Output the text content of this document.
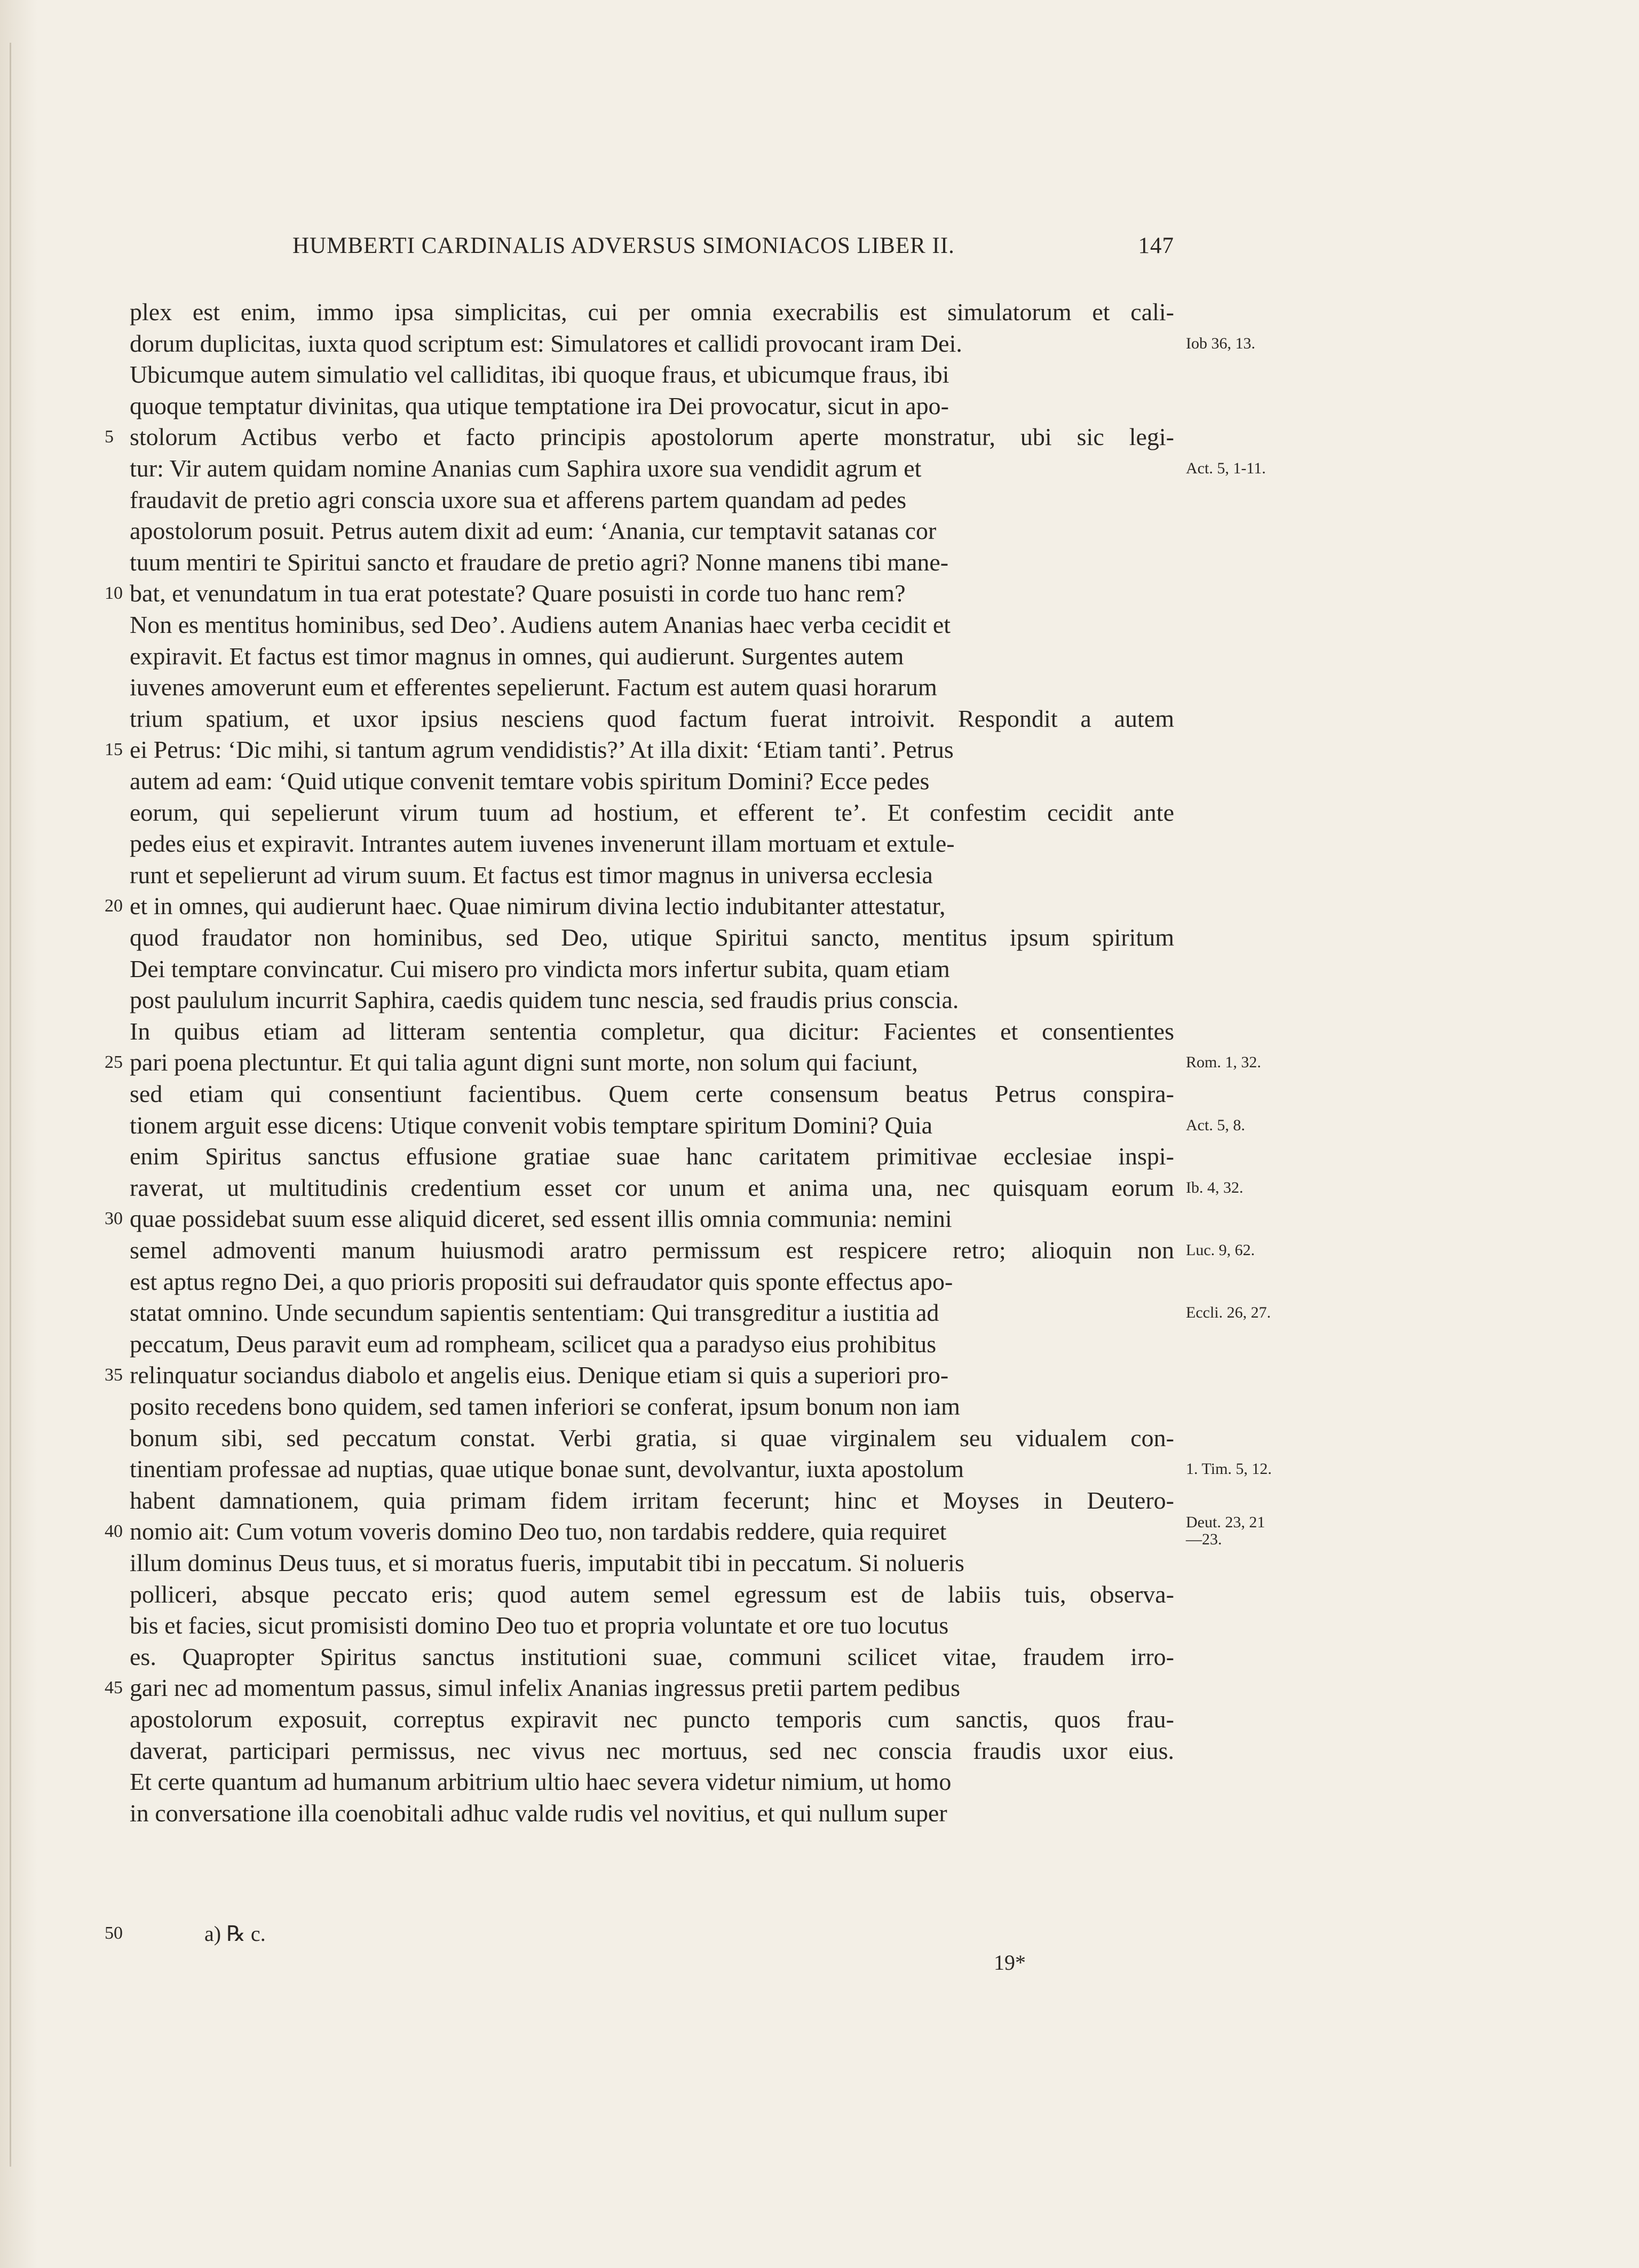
HUMBERTI CARDINALIS ADVERSUS SIMONIACOS LIBER II.	147
plex est enim, immo ipsa simplicitas, cui per omnia execrabilis est simulatorum et cali-
dorum duplicitas, iuxta quod scriptum est: Simulatores et callidi provocant iram Dei.	Iob 36, 13.
Ubicumque autem simulatio vel calliditas, ibi quoque fraus, et ubicumque fraus, ibi
quoque temptatur divinitas, qua utique temptatione ira Dei provocatur, sicut in apo-
stolorum Actibus verbo et facto principis apostolorum aperte monstratur, ubi sic legi-
5
tur: Vir autem quidam nomine Ananias cum Saphira uxore sua vendidit agrum et	Act. 5, 1-11.
fraudavit de pretio agri conscia uxore sua et afferens partem quandam ad pedes
apostolorum posuit. Petrus autem dixit ad eum: ‘Anania, cur temptavit satanas cor
tuum mentiri te Spiritui sancto et fraudare de pretio agri? Nonne manens tibi mane-
bat, et venundatum in tua erat potestate? Quare posuisti in corde tuo hanc rem?
10
Non es mentitus hominibus, sed Deo’. Audiens autem Ananias haec verba cecidit et
expiravit. Et factus est timor magnus in omnes, qui audierunt. Surgentes autem
iuvenes amoverunt eum et efferentes sepelierunt. Factum est autem quasi horarum
trium spatium, et uxor ipsius nesciens quod factum fuerat introivit. Respondit a autem
ei Petrus: ‘Dic mihi, si tantum agrum vendidistis?’ At illa dixit: ‘Etiam tanti’. Petrus
15
autem ad eam: ‘Quid utique convenit temtare vobis spiritum Domini? Ecce pedes
eorum, qui sepelierunt virum tuum ad hostium, et efferent te’. Et confestim cecidit ante
pedes eius et expiravit. Intrantes autem iuvenes invenerunt illam mortuam et extule-
runt et sepelierunt ad virum suum. Et factus est timor magnus in universa ecclesia
et in omnes, qui audierunt haec. Quae nimirum divina lectio indubitanter attestatur,
20
quod fraudator non hominibus, sed Deo, utique Spiritui sancto, mentitus ipsum spiritum
Dei temptare convincatur. Cui misero pro vindicta mors infertur subita, quam etiam
post paululum incurrit Saphira, caedis quidem tunc nescia, sed fraudis prius conscia.
In quibus etiam ad litteram sententia completur, qua dicitur: Facientes et consentientes
pari poena plectuntur. Et qui talia agunt digni sunt morte, non solum qui faciunt,
25	Rom. 1, 32.
sed etiam qui consentiunt facientibus. Quem certe consensum beatus Petrus conspira-
tionem arguit esse dicens: Utique convenit vobis temptare spiritum Domini? Quia	Act. 5, 8.
enim Spiritus sanctus effusione gratiae suae hanc caritatem primitivae ecclesiae inspi-
raverat, ut multitudinis credentium esset cor unum et anima una, nec quisquam eorum Ib. 4, 32.
quae possidebat suum esse aliquid diceret, sed essent illis omnia communia: nemini
30
semel admoventi manum huiusmodi aratro permissum est respicere retro; alioquin non Luc. 9, 62.
est aptus regno Dei, a quo prioris propositi sui defraudator quis sponte effectus apo-
statat omnino. Unde secundum sapientis sententiam: Qui transgreditur a iustitia ad	Eccli. 26, 27.
peccatum, Deus paravit eum ad rompheam, scilicet qua a paradyso eius prohibitus
relinquatur sociandus diabolo et angelis eius. Denique etiam si quis a superiori pro-
35
posito recedens bono quidem, sed tamen inferiori se conferat, ipsum bonum non iam
bonum sibi, sed peccatum constat. Verbi gratia, si quae virginalem seu vidualem con-
tinentiam professae ad nuptias, quae utique bonae sunt, devolvantur, iuxta apostolum	1. Tim. 5, 12.
habent damnationem, quia primam fidem irritam fecerunt; hinc et Moyses in Deutero-
nomio ait: Cum votum voveris domino Deo tuo, non tardabis reddere, quia requiret
40	Deut. 23, 21
—23.
illum dominus Deus tuus, et si moratus fueris, imputabit tibi in peccatum. Si nolueris
polliceri, absque peccato eris; quod autem semel egressum est de labiis tuis, observa-
bis et facies, sicut promisisti domino Deo tuo et propria voluntate et ore tuo locutus
es. Quapropter Spiritus sanctus institutioni suae, communi scilicet vitae, fraudem irro-
gari nec ad momentum passus, simul infelix Ananias ingressus pretii partem pedibus
45
apostolorum exposuit, correptus expiravit nec puncto temporis cum sanctis, quos frau-
daverat, participari permissus, nec vivus nec mortuus, sed nec conscia fraudis uxor eius.
Et certe quantum ad humanum arbitrium ultio haec severa videtur nimium, ut homo
in conversatione illa coenobitali adhuc valde rudis vel novitius, et qui nullum super
50	a) ℞ c.
19*
